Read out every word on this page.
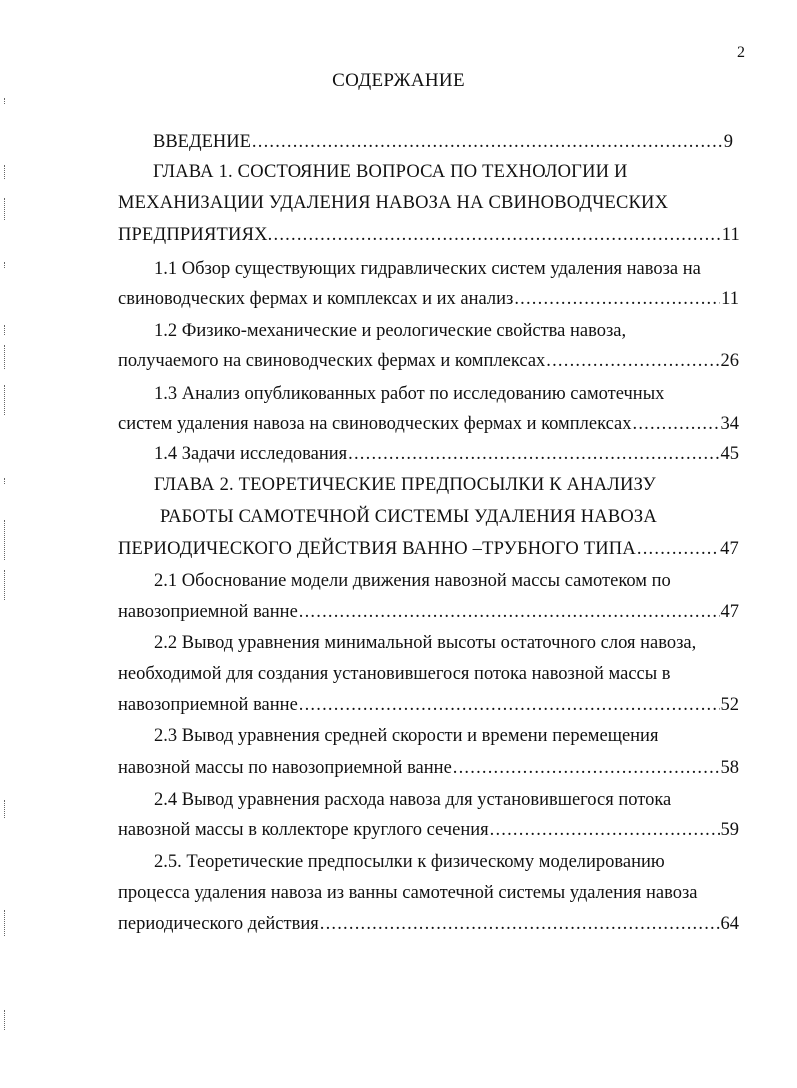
2
СОДЕРЖАНИЕ
ВВЕДЕНИЕ .....	9
ГЛАВА 1. СОСТОЯНИЕ ВОПРОСА ПО ТЕХНОЛОГИИ И
МЕХАНИЗАЦИИ УДАЛЕНИЯ НАВОЗА НА СВИНОВОДЧЕСКИХ
ПРЕДПРИЯТИЯХ. .....	11
1.1 Обзор существующих гидравлических систем удаления навоза на
свиноводческих фермах и комплексах и их анализ .....	11
1.2 Физико-механические и реологические свойства навоза,
получаемого на свиноводческих фермах и комплексах .....	26
1.3 Анализ опубликованных работ по исследованию самотечных
систем удаления навоза на свиноводческих фермах и комплексах .....	34
1.4 Задачи исследования .....	45
ГЛАВА 2. ТЕОРЕТИЧЕСКИЕ ПРЕДПОСЫЛКИ К АНАЛИЗУ
РАБОТЫ САМОТЕЧНОЙ СИСТЕМЫ УДАЛЕНИЯ НАВОЗА
ПЕРИОДИЧЕСКОГО ДЕЙСТВИЯ ВАННО –ТРУБНОГО ТИПА .....	47
2.1 Обоснование модели движения навозной массы самотеком по
навозоприемной ванне .....	47
2.2 Вывод уравнения минимальной высоты остаточного слоя навоза,
необходимой для создания установившегося потока навозной массы в
навозоприемной ванне .....	52
2.3 Вывод уравнения средней скорости и времени перемещения
навозной массы по навозоприемной ванне .....	58
2.4 Вывод уравнения расхода навоза для установившегося потока
навозной массы в коллекторе круглого сечения .....	59
2.5. Теоретические предпосылки к физическому моделированию
процесса удаления навоза из ванны самотечной системы удаления навоза
периодического действия .....	64
